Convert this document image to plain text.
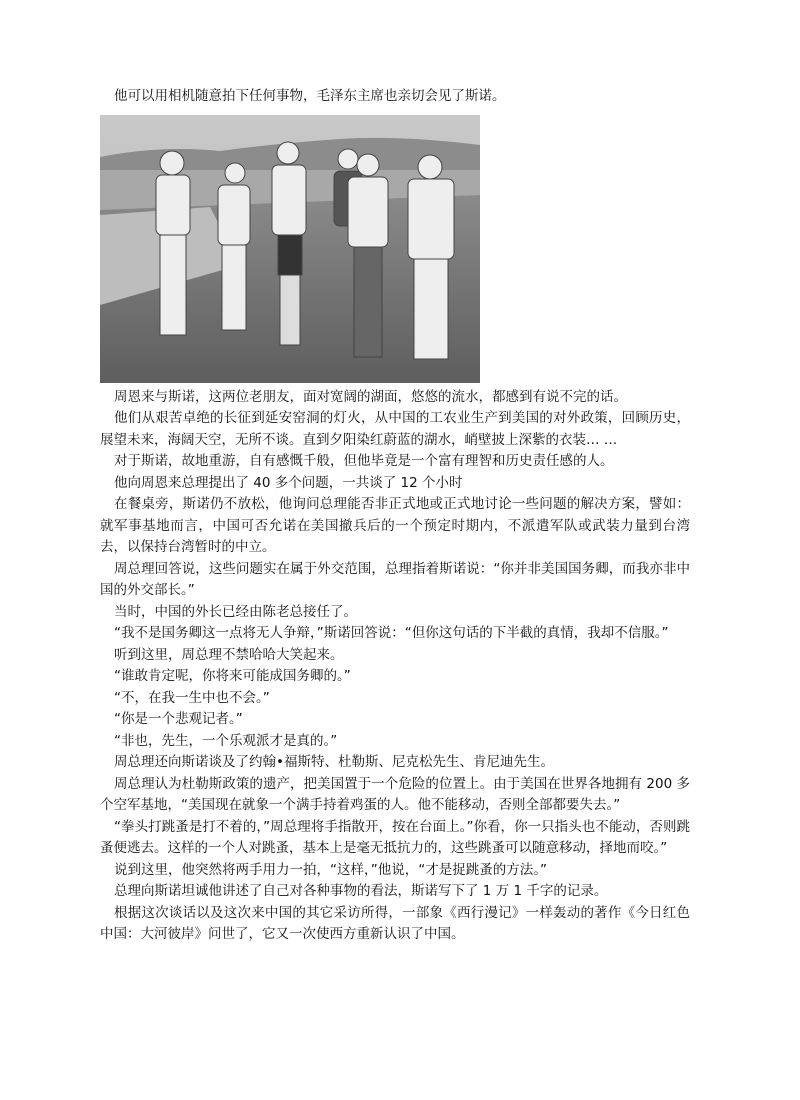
他可以用相机随意拍下任何事物，毛泽东主席也亲切会见了斯诺。

周恩来与斯诺，这两位老朋友，面对宽阔的湖面，悠悠的流水，都感到有说不完的话。

他们从艰苦卓绝的长征到延安窑洞的灯火，从中国的工农业生产到美国的对外政策，回顾历史，展望未来，海阔天空，无所不谈。直到夕阳染红蔚蓝的湖水，峭壁披上深紫的衣装… …

对于斯诺，故地重游，自有感慨千般，但他毕竟是一个富有理智和历史责任感的人。

他向周恩来总理提出了 40 多个问题，一共谈了 12 个小时

在餐桌旁，斯诺仍不放松，他询问总理能否非正式地或正式地讨论一些问题的解决方案，譬如：就军事基地而言，中国可否允诺在美国撤兵后的一个预定时期内，不派遣军队或武装力量到台湾去，以保持台湾暂时的中立。

周总理回答说，这些问题实在属于外交范围，总理指着斯诺说：“你并非美国国务卿，而我亦非中国的外交部长。”

当时，中国的外长已经由陈老总接任了。

“我不是国务卿这一点将无人争辩，”斯诺回答说：“但你这句话的下半截的真情，我却不信服。”

听到这里，周总理不禁哈哈大笑起来。

“谁敢肯定呢，你将来可能成国务卿的。”

“不，在我一生中也不会。”

“你是一个悲观记者。”

“非也，先生，一个乐观派才是真的。”

周总理还向斯诺谈及了约翰•福斯特、杜勒斯、尼克松先生、肯尼迪先生。

周总理认为杜勒斯政策的遗产，把美国置于一个危险的位置上。由于美国在世界各地拥有 200 多个空军基地，“美国现在就象一个满手持着鸡蛋的人。他不能移动，否则全部都要失去。”

“拳头打跳蚤是打不着的，”周总理将手指散开，按在台面上。”你看，你一只指头也不能动，否则跳蚤便逃去。这样的一个人对跳蚤，基本上是毫无抵抗力的，这些跳蚤可以随意移动，择地而咬。”

说到这里，他突然将两手用力一拍，“这样，”他说，“才是捉跳蚤的方法。”

总理向斯诺坦诚他讲述了自己对各种事物的看法，斯诺写下了 1 万 1 千字的记录。

根据这次谈话以及这次来中国的其它采访所得，一部象《西行漫记》一样轰动的著作《今日红色中国：大河彼岸》问世了，它又一次使西方重新认识了中国。
